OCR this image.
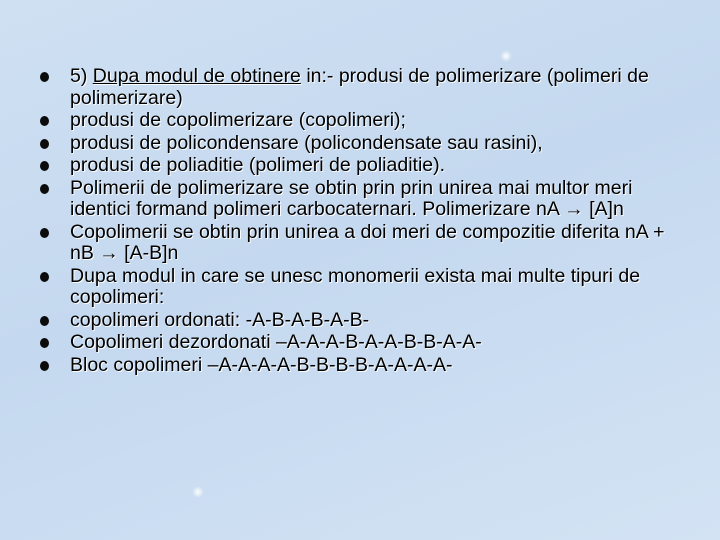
5) Dupa modul de obtinere in:- produsi de polimerizare (polimeri de polimerizare)
produsi de copolimerizare (copolimeri);
produsi de policondensare (policondensate sau rasini),
produsi de poliaditie (polimeri de poliaditie).
Polimerii de polimerizare se obtin prin prin unirea mai multor meri identici formand polimeri carbocaternari. Polimerizare nA → [A]n
Copolimerii se obtin prin unirea a doi meri de compozitie diferita nA + nB → [A-B]n
Dupa modul in care se unesc monomerii exista mai multe tipuri de copolimeri:
copolimeri ordonati: -A-B-A-B-A-B-
Copolimeri dezordonati –A-A-A-B-A-A-B-B-A-A-
Bloc copolimeri –A-A-A-A-B-B-B-B-A-A-A-A-
